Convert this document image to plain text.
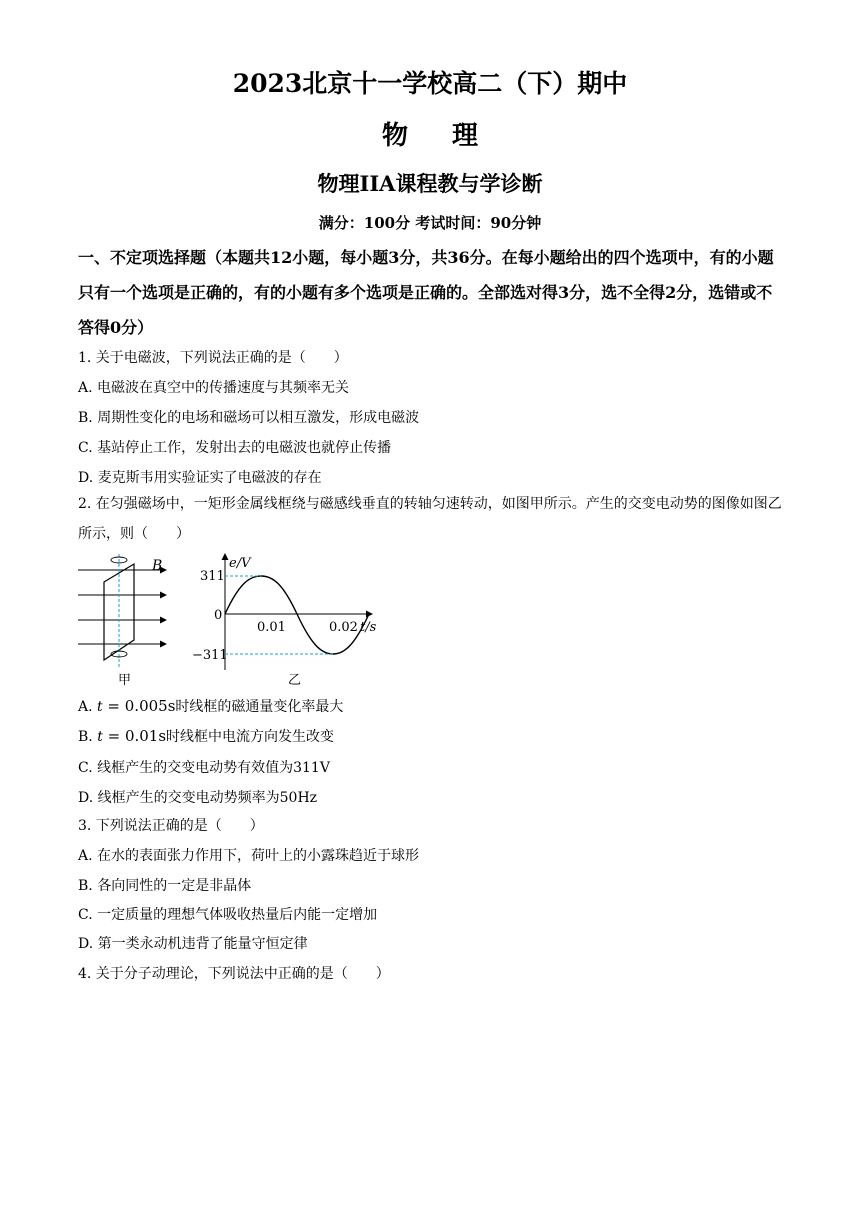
2023北京十一学校高二（下）期中
物理
物理IIA课程教与学诊断
满分：100分 考试时间：90分钟
一、不定项选择题（本题共12小题，每小题3分，共36分。在每小题给出的四个选项中，有的小题只有一个选项是正确的，有的小题有多个选项是正确的。全部选对得3分，选不全得2分，选错或不答得0分）
1. 关于电磁波，下列说法正确的是（　　）
A. 电磁波在真空中的传播速度与其频率无关
B. 周期性变化的电场和磁场可以相互激发，形成电磁波
C. 基站停止工作，发射出去的电磁波也就停止传播
D. 麦克斯韦用实验证实了电磁波的存在
2. 在匀强磁场中，一矩形金属线框绕与磁感线垂直的转轴匀速转动，如图甲所示。产生的交变电动势的图像如图乙所示，则（　　）
B
甲
311
0
−311
0.01	0.02
e/V
t/s
乙
A. t = 0.005s时线框的磁通量变化率最大
B. t = 0.01s时线框中电流方向发生改变
C. 线框产生的交变电动势有效值为311V
D. 线框产生的交变电动势频率为50Hz
3. 下列说法正确的是（　　）
A. 在水的表面张力作用下，荷叶上的小露珠趋近于球形
B. 各向同性的一定是非晶体
C. 一定质量的理想气体吸收热量后内能一定增加
D. 第一类永动机违背了能量守恒定律
4. 关于分子动理论，下列说法中正确的是（　　）
